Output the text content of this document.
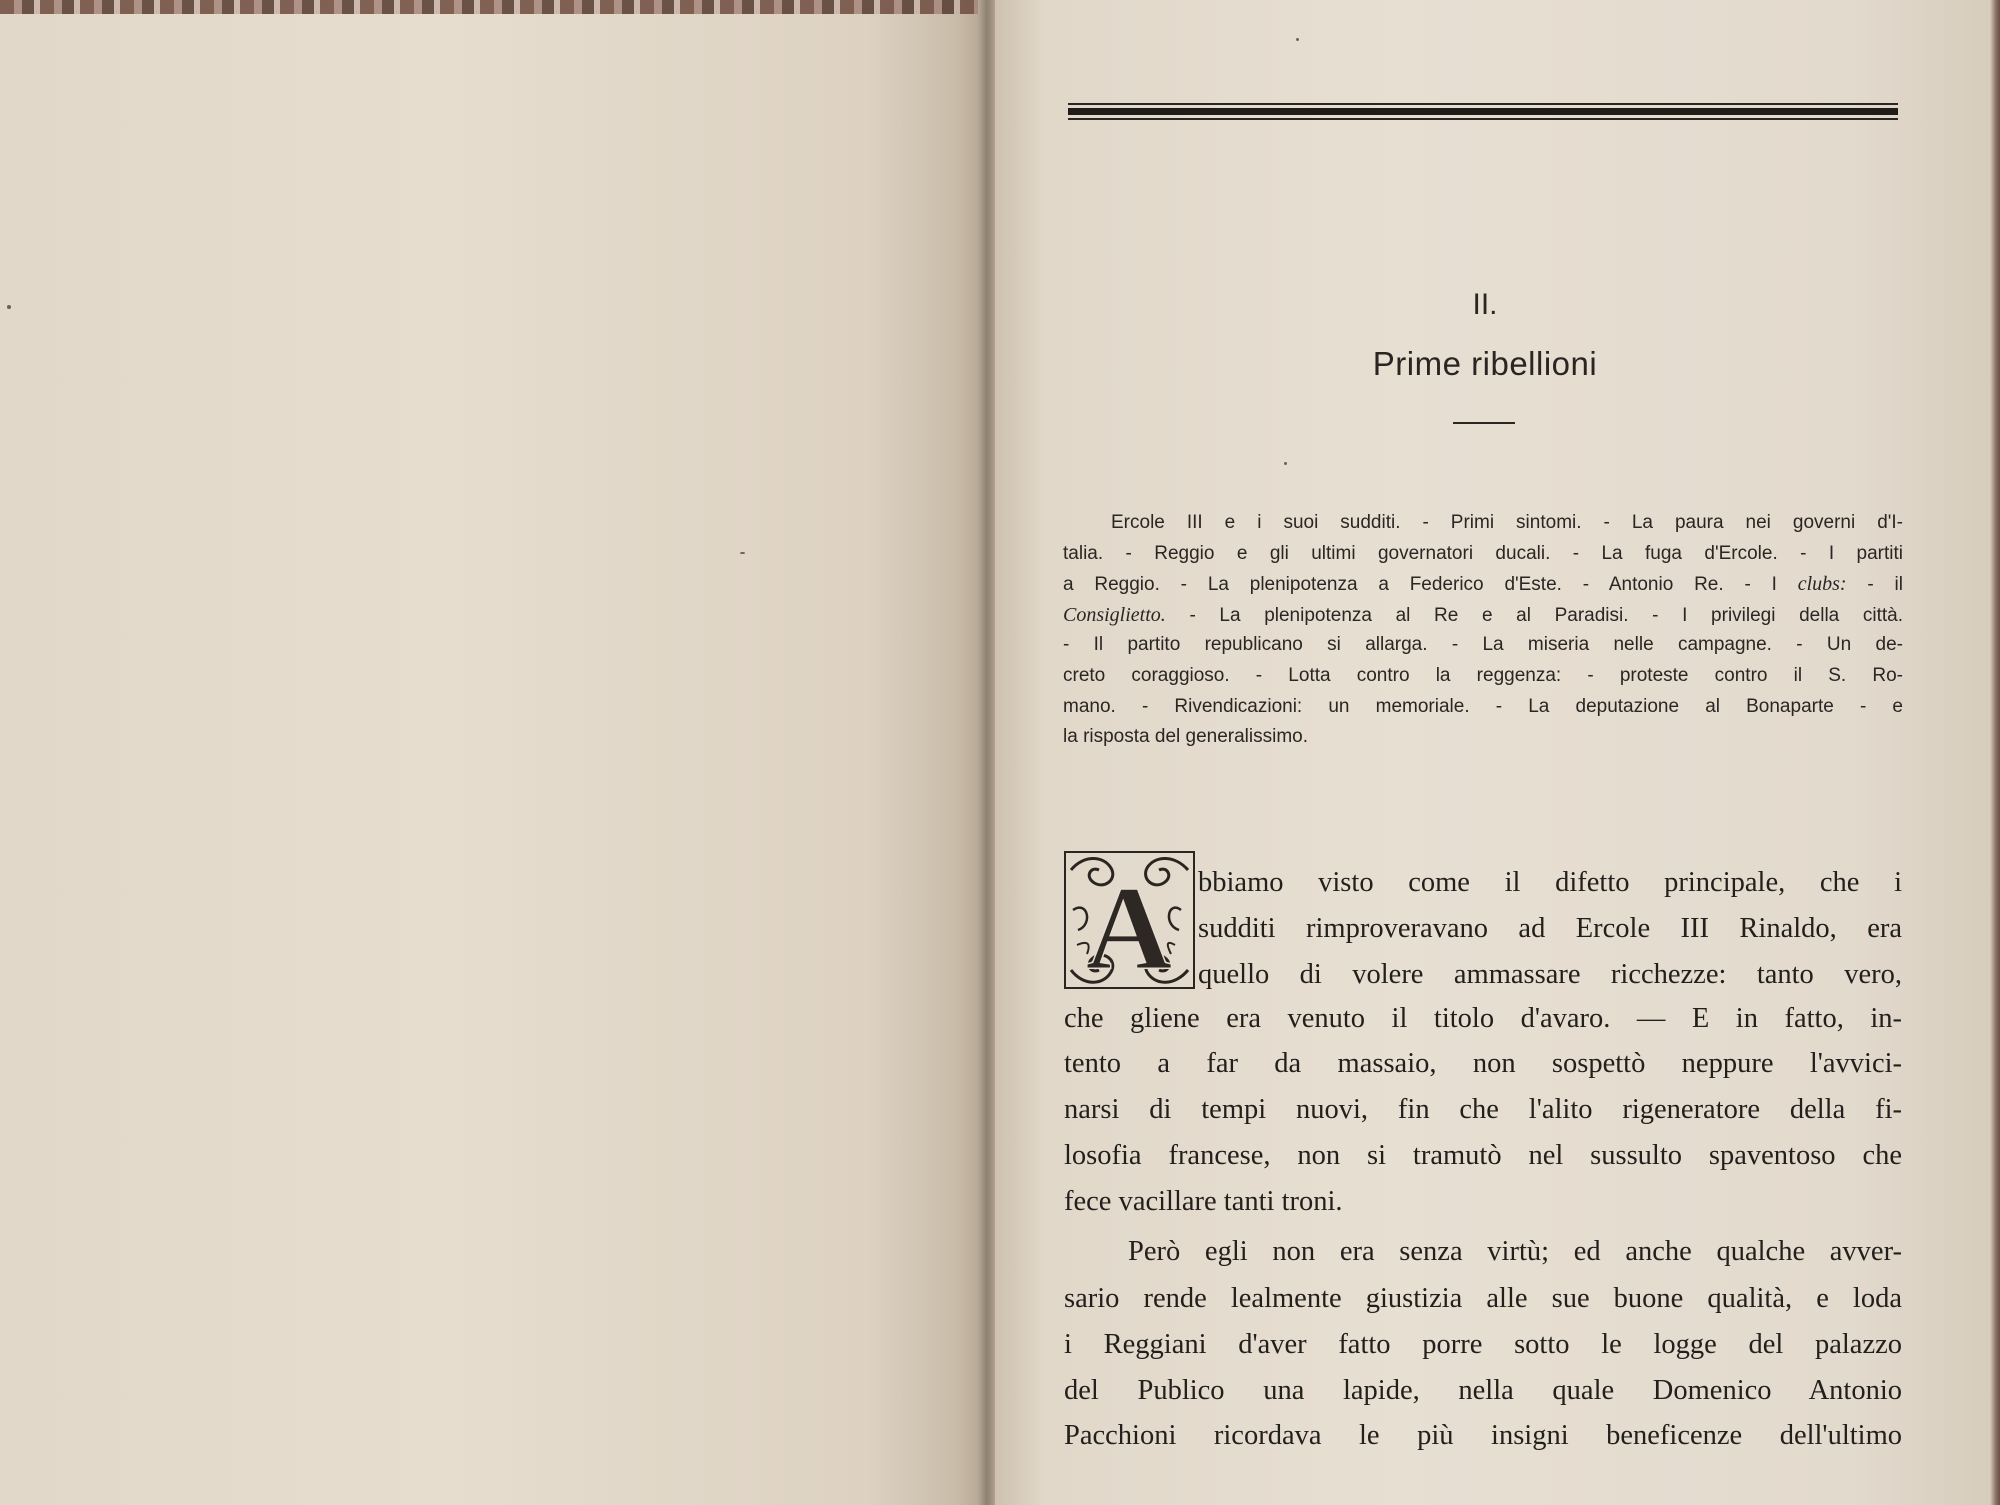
II.
Prime ribellioni
Ercole III e i suoi sudditi. - Primi sintomi. - La paura nei governi d'I-
talia. - Reggio e gli ultimi governatori ducali. - La fuga d'Ercole. - I partiti
a Reggio. - La plenipotenza a Federico d'Este. - Antonio Re. - I clubs: - il
Consiglietto. - La plenipotenza al Re e al Paradisi. - I privilegi della città.
- Il partito republicano si allarga. - La miseria nelle campagne. - Un de-
creto coraggioso. - Lotta contro la reggenza: - proteste contro il S. Ro-
mano. - Rivendicazioni: un memoriale. - La deputazione al Bonaparte - e
la risposta del generalissimo.
A bbiamo visto come il difetto principale, che i
sudditi rimproveravano ad Ercole III Rinaldo, era
quello di volere ammassare ricchezze: tanto vero,
che gliene era venuto il titolo d'avaro. — E in fatto, in-
tento a far da massaio, non sospettò neppure l'avvici-
narsi di tempi nuovi, fin che l'alito rigeneratore della fi-
losofia francese, non si tramutò nel sussulto spaventoso che
fece vacillare tanti troni.
Però egli non era senza virtù; ed anche qualche avver-
sario rende lealmente giustizia alle sue buone qualità, e loda
i Reggiani d'aver fatto porre sotto le logge del palazzo
del Publico una lapide, nella quale Domenico Antonio
Pacchioni ricordava le più insigni beneficenze dell'ultimo
